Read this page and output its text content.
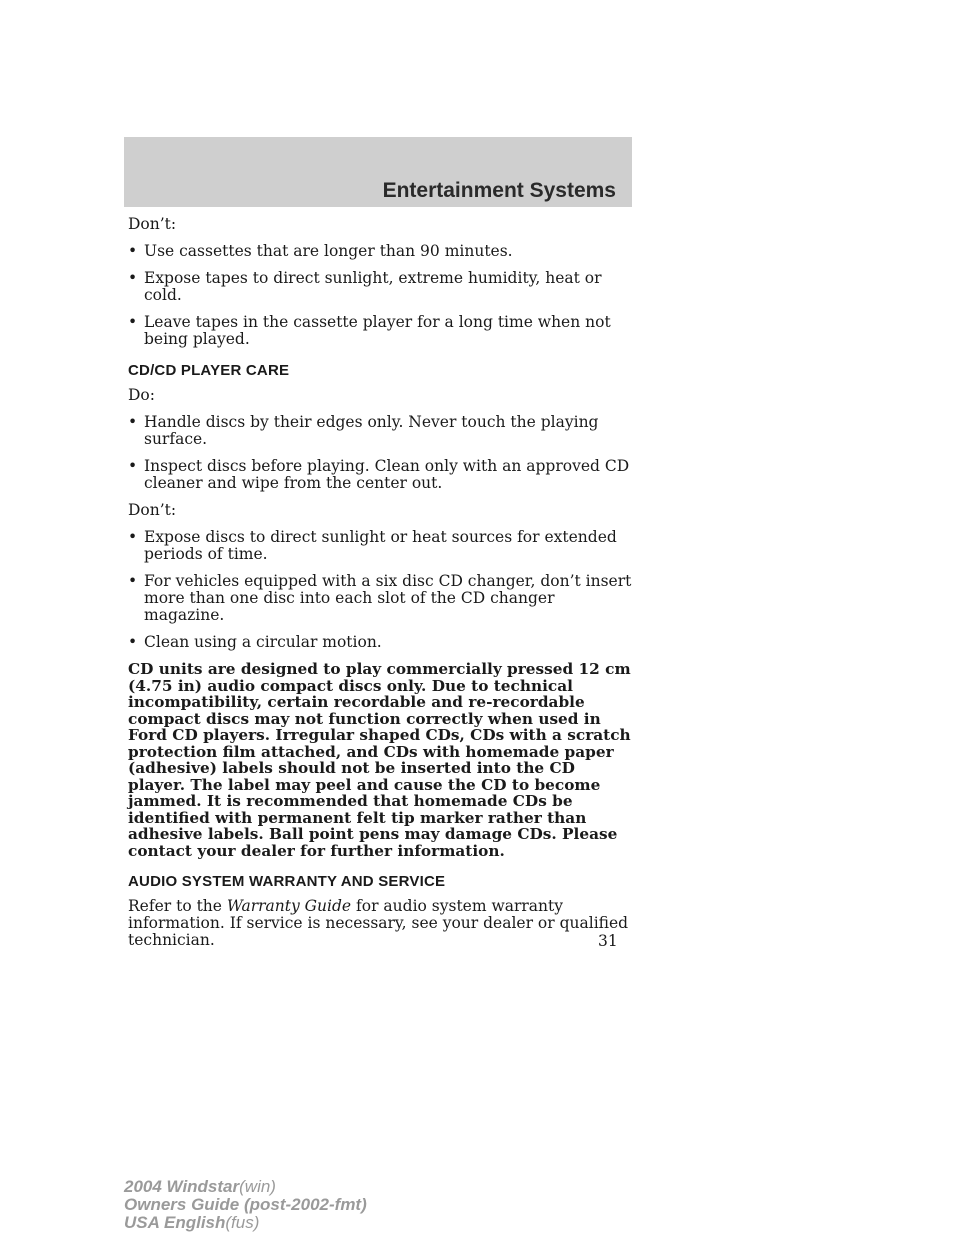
Entertainment Systems

Don’t:

• Use cassettes that are longer than 90 minutes.
• Expose tapes to direct sunlight, extreme humidity, heat or cold.
• Leave tapes in the cassette player for a long time when not being played.
CD/CD PLAYER CARE

Do:

• Handle discs by their edges only. Never touch the playing surface.
• Inspect discs before playing. Clean only with an approved CD cleaner and wipe from the center out.

Don’t:

• Expose discs to direct sunlight or heat sources for extended periods of time.
• For vehicles equipped with a six disc CD changer, don’t insert more than one disc into each slot of the CD changer magazine.
• Clean using a circular motion.

CD units are designed to play commercially pressed 12 cm (4.75 in) audio compact discs only. Due to technical incompatibility, certain recordable and re-recordable compact discs may not function correctly when used in Ford CD players. Irregular shaped CDs, CDs with a scratch protection film attached, and CDs with homemade paper (adhesive) labels should not be inserted into the CD player. The label may peel and cause the CD to become jammed. It is recommended that homemade CDs be identified with permanent felt tip marker rather than adhesive labels. Ball point pens may damage CDs. Please contact your dealer for further information.

AUDIO SYSTEM WARRANTY AND SERVICE

Refer to the Warranty Guide for audio system warranty information. If service is necessary, see your dealer or qualified technician.	31
2004 Windstar(win)
Owners Guide (post-2002-fmt)
USA English(fus)
